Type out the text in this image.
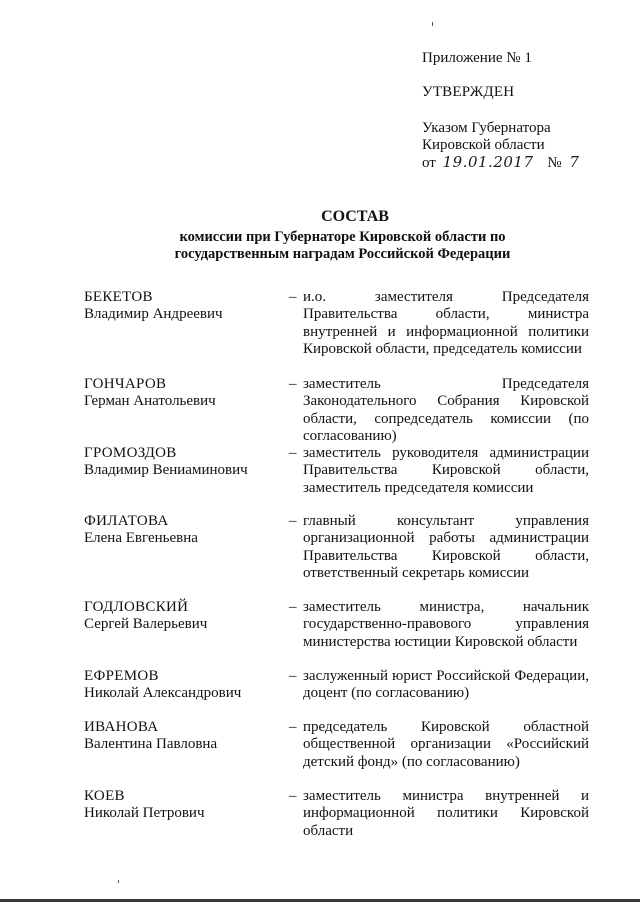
Приложение № 1
УТВЕРЖДЕН
Указом Губернатора
Кировской области
от 19.01.2017 № 7
СОСТАВ
комиссии при Губернаторе Кировской области по
государственным наградам Российской Федерации
БЕКЕТОВ
Владимир Андреевич
– и.о. заместителя Председателя Правительства области, министра внутренней и информационной политики Кировской области, председатель комиссии
ГОНЧАРОВ
Герман Анатольевич
– заместитель Председателя Законодательного Собрания Кировской области, сопредседатель комиссии (по согласованию)
ГРОМОЗДОВ
Владимир Вениаминович
– заместитель руководителя администрации Правительства Кировской области, заместитель председателя комиссии
ФИЛАТОВА
Елена Евгеньевна
– главный консультант управления организационной работы администрации Правительства Кировской области, ответственный секретарь комиссии
ГОДЛОВСКИЙ
Сергей Валерьевич
– заместитель министра, начальник государственно-правового управления министерства юстиции Кировской области
ЕФРЕМОВ
Николай Александрович
– заслуженный юрист Российской Федерации, доцент (по согласованию)
ИВАНОВА
Валентина Павловна
– председатель Кировской областной общественной организации «Российский детский фонд» (по согласованию)
КОЕВ
Николай Петрович
– заместитель министра внутренней и информационной политики Кировской области
